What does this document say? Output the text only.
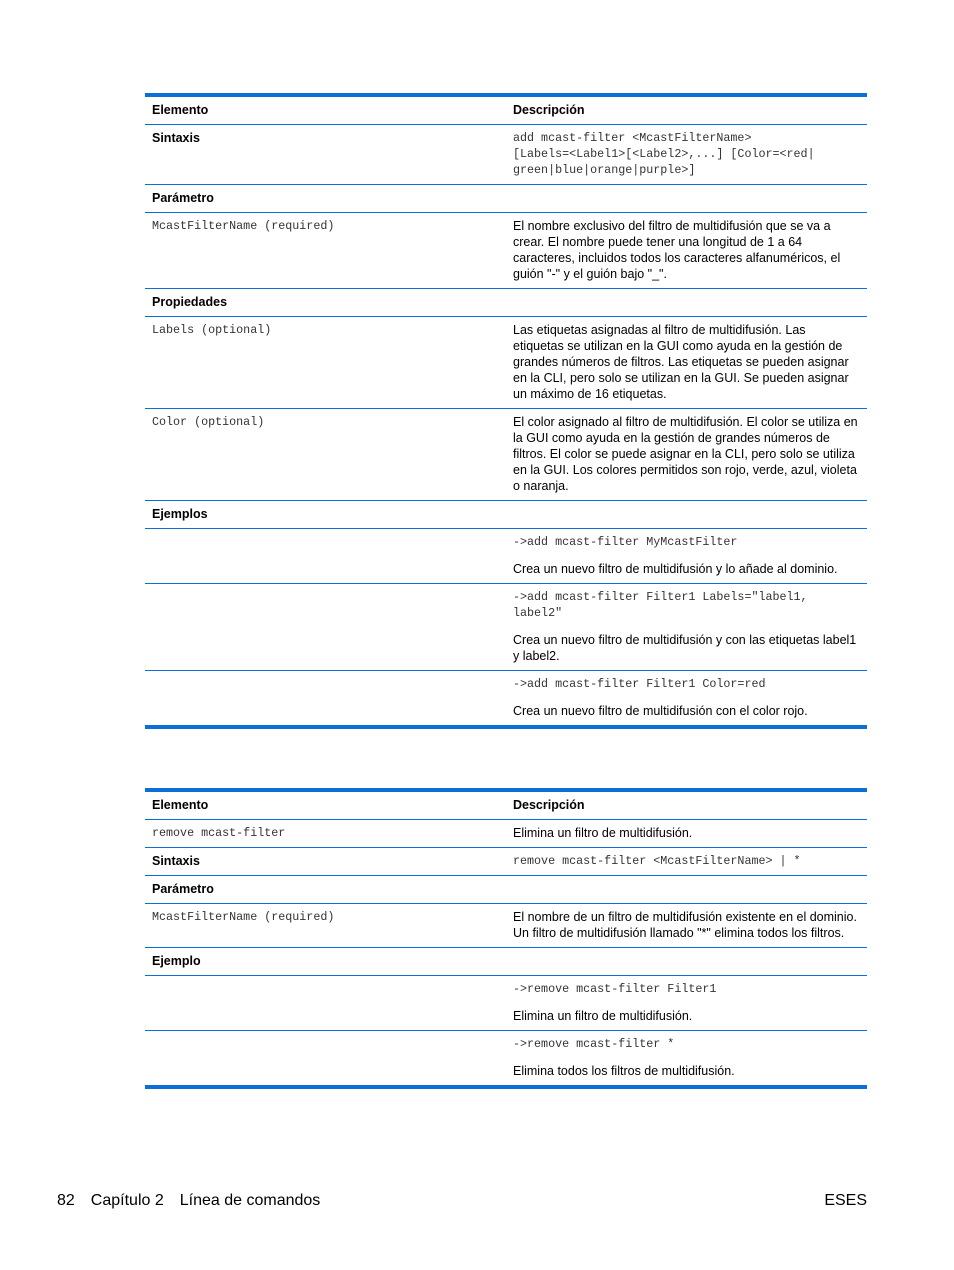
Elemento	Descripción
Sintaxis	add mcast-filter <McastFilterName>
[Labels=<Label1>[<Label2>,...] [Color=<red|
green|blue|orange|purple>]

Parámetro

McastFilterName (required)	El nombre exclusivo del filtro de multidifusión que se va a crear. El nombre puede tener una longitud de 1 a 64 caracteres, incluidos todos los caracteres alfanuméricos, el guión "-" y el guión bajo "_".

Propiedades

Labels (optional)	Las etiquetas asignadas al filtro de multidifusión. Las etiquetas se utilizan en la GUI como ayuda en la gestión de grandes números de filtros. Las etiquetas se pueden asignar en la CLI, pero solo se utilizan en la GUI. Se pueden asignar un máximo de 16 etiquetas.

Color (optional)	El color asignado al filtro de multidifusión. El color se utiliza en la GUI como ayuda en la gestión de grandes números de filtros. El color se puede asignar en la CLI, pero solo se utiliza en la GUI. Los colores permitidos son rojo, verde, azul, violeta o naranja.

Ejemplos

->add mcast-filter MyMcastFilter

Crea un nuevo filtro de multidifusión y lo añade al dominio.

->add mcast-filter Filter1 Labels="label1,
label2"

Crea un nuevo filtro de multidifusión y con las etiquetas label1 y label2.

->add mcast-filter Filter1 Color=red

Crea un nuevo filtro de multidifusión con el color rojo.

Elemento	Descripción

remove mcast-filter	Elimina un filtro de multidifusión.

Sintaxis	remove mcast-filter <McastFilterName> | *

Parámetro

McastFilterName (required)	El nombre de un filtro de multidifusión existente en el dominio. Un filtro de multidifusión llamado "*" elimina todos los filtros.

Ejemplo

->remove mcast-filter Filter1

Elimina un filtro de multidifusión.

->remove mcast-filter *

Elimina todos los filtros de multidifusión.

82 Capítulo 2 Línea de comandos	ESES
